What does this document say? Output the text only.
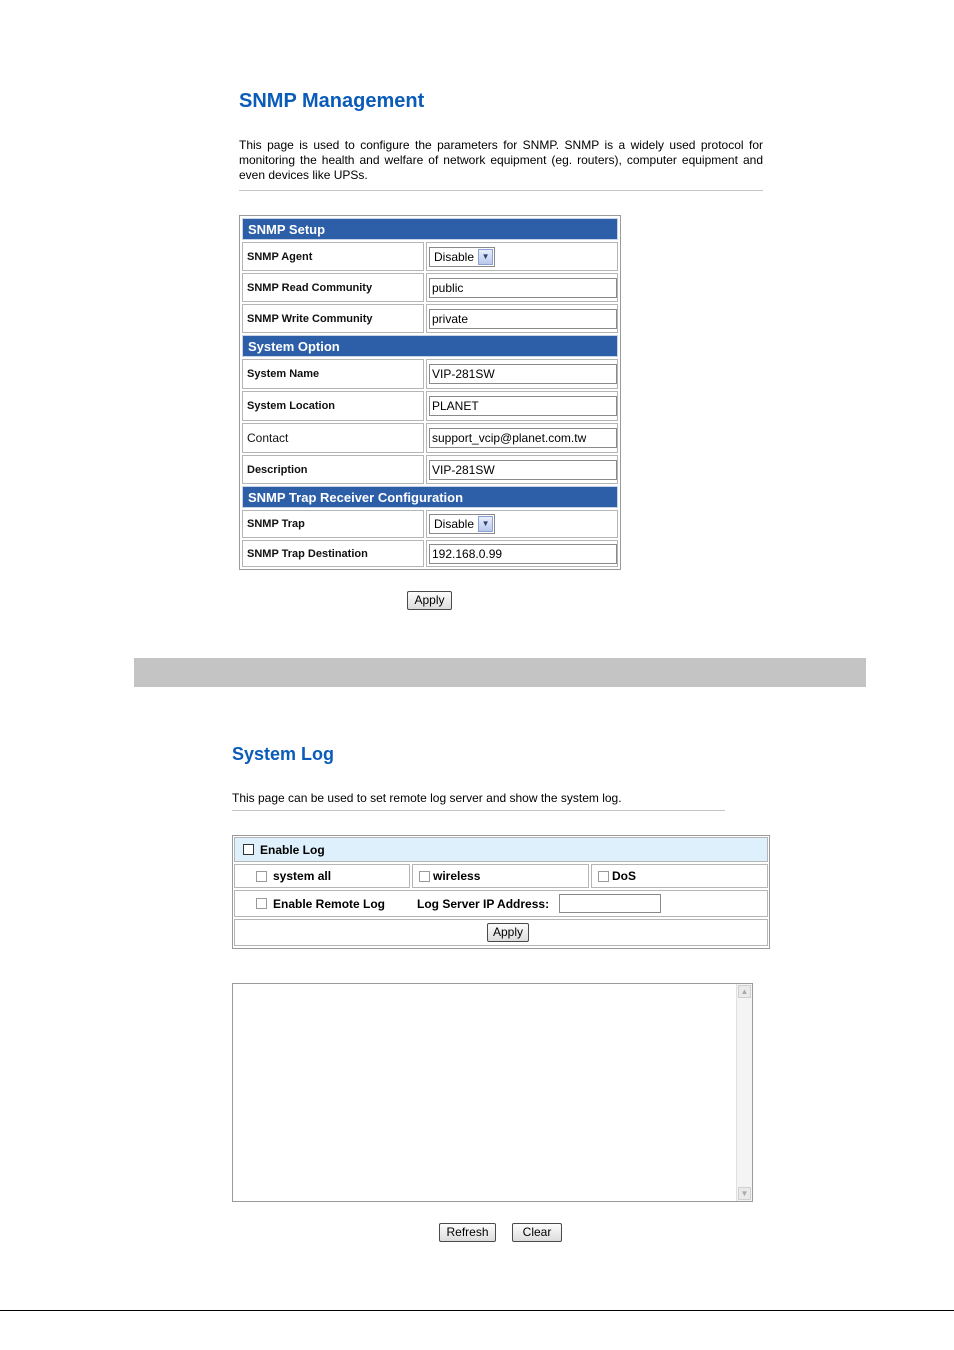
SNMP Management
This page is used to configure the parameters for SNMP. SNMP is a widely used protocol for monitoring the health and welfare of network equipment (eg. routers), computer equipment and even devices like UPSs.
SNMP Setup
SNMP Agent	Disable ▼
SNMP Read Community	public
SNMP Write Community	private
System Option
System Name	VIP-281SW
System Location	PLANET
Contact	support_vcip@planet.com.tw
Description	VIP-281SW
SNMP Trap Receiver Configuration
SNMP Trap	Disable ▼
SNMP Trap Destination	192.168.0.99
Apply
System Log
This page can be used to set remote log server and show the system log.
Enable Log
system all	wireless	DoS
Enable Remote Log	Log Server IP Address:
Apply
▲
▼
Refresh	Clear
